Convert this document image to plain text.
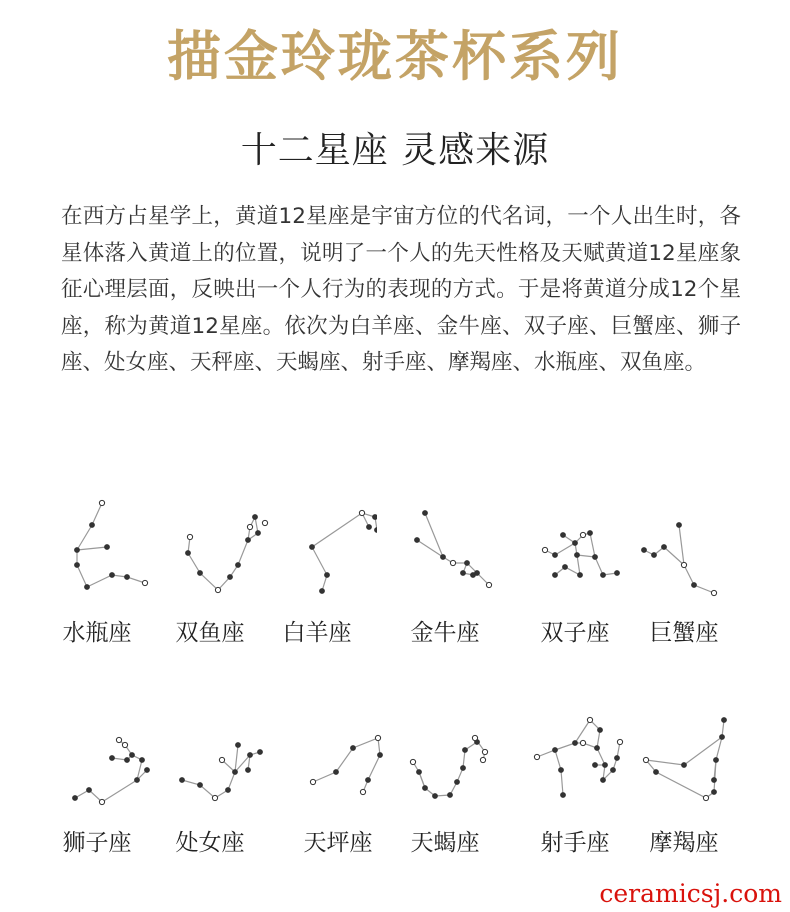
描金玲珑茶杯系列
十二星座 灵感来源
在西方占星学上，黄道12星座是宇宙方位的代名词，一个人出生时，各星体落入黄道上的位置，说明了一个人的先天性格及天赋黄道12星座象征心理层面，反映出一个人行为的表现的方式。于是将黄道分成12个星座，称为黄道12星座。依次为白羊座、金牛座、双子座、巨蟹座、狮子座、处女座、天秤座、天蝎座、射手座、摩羯座、水瓶座、双鱼座。
水瓶座	双鱼座	白羊座	金牛座	双子座	巨蟹座
狮子座	处女座	天坪座	天蝎座	射手座	摩羯座
ceramicsj.com
